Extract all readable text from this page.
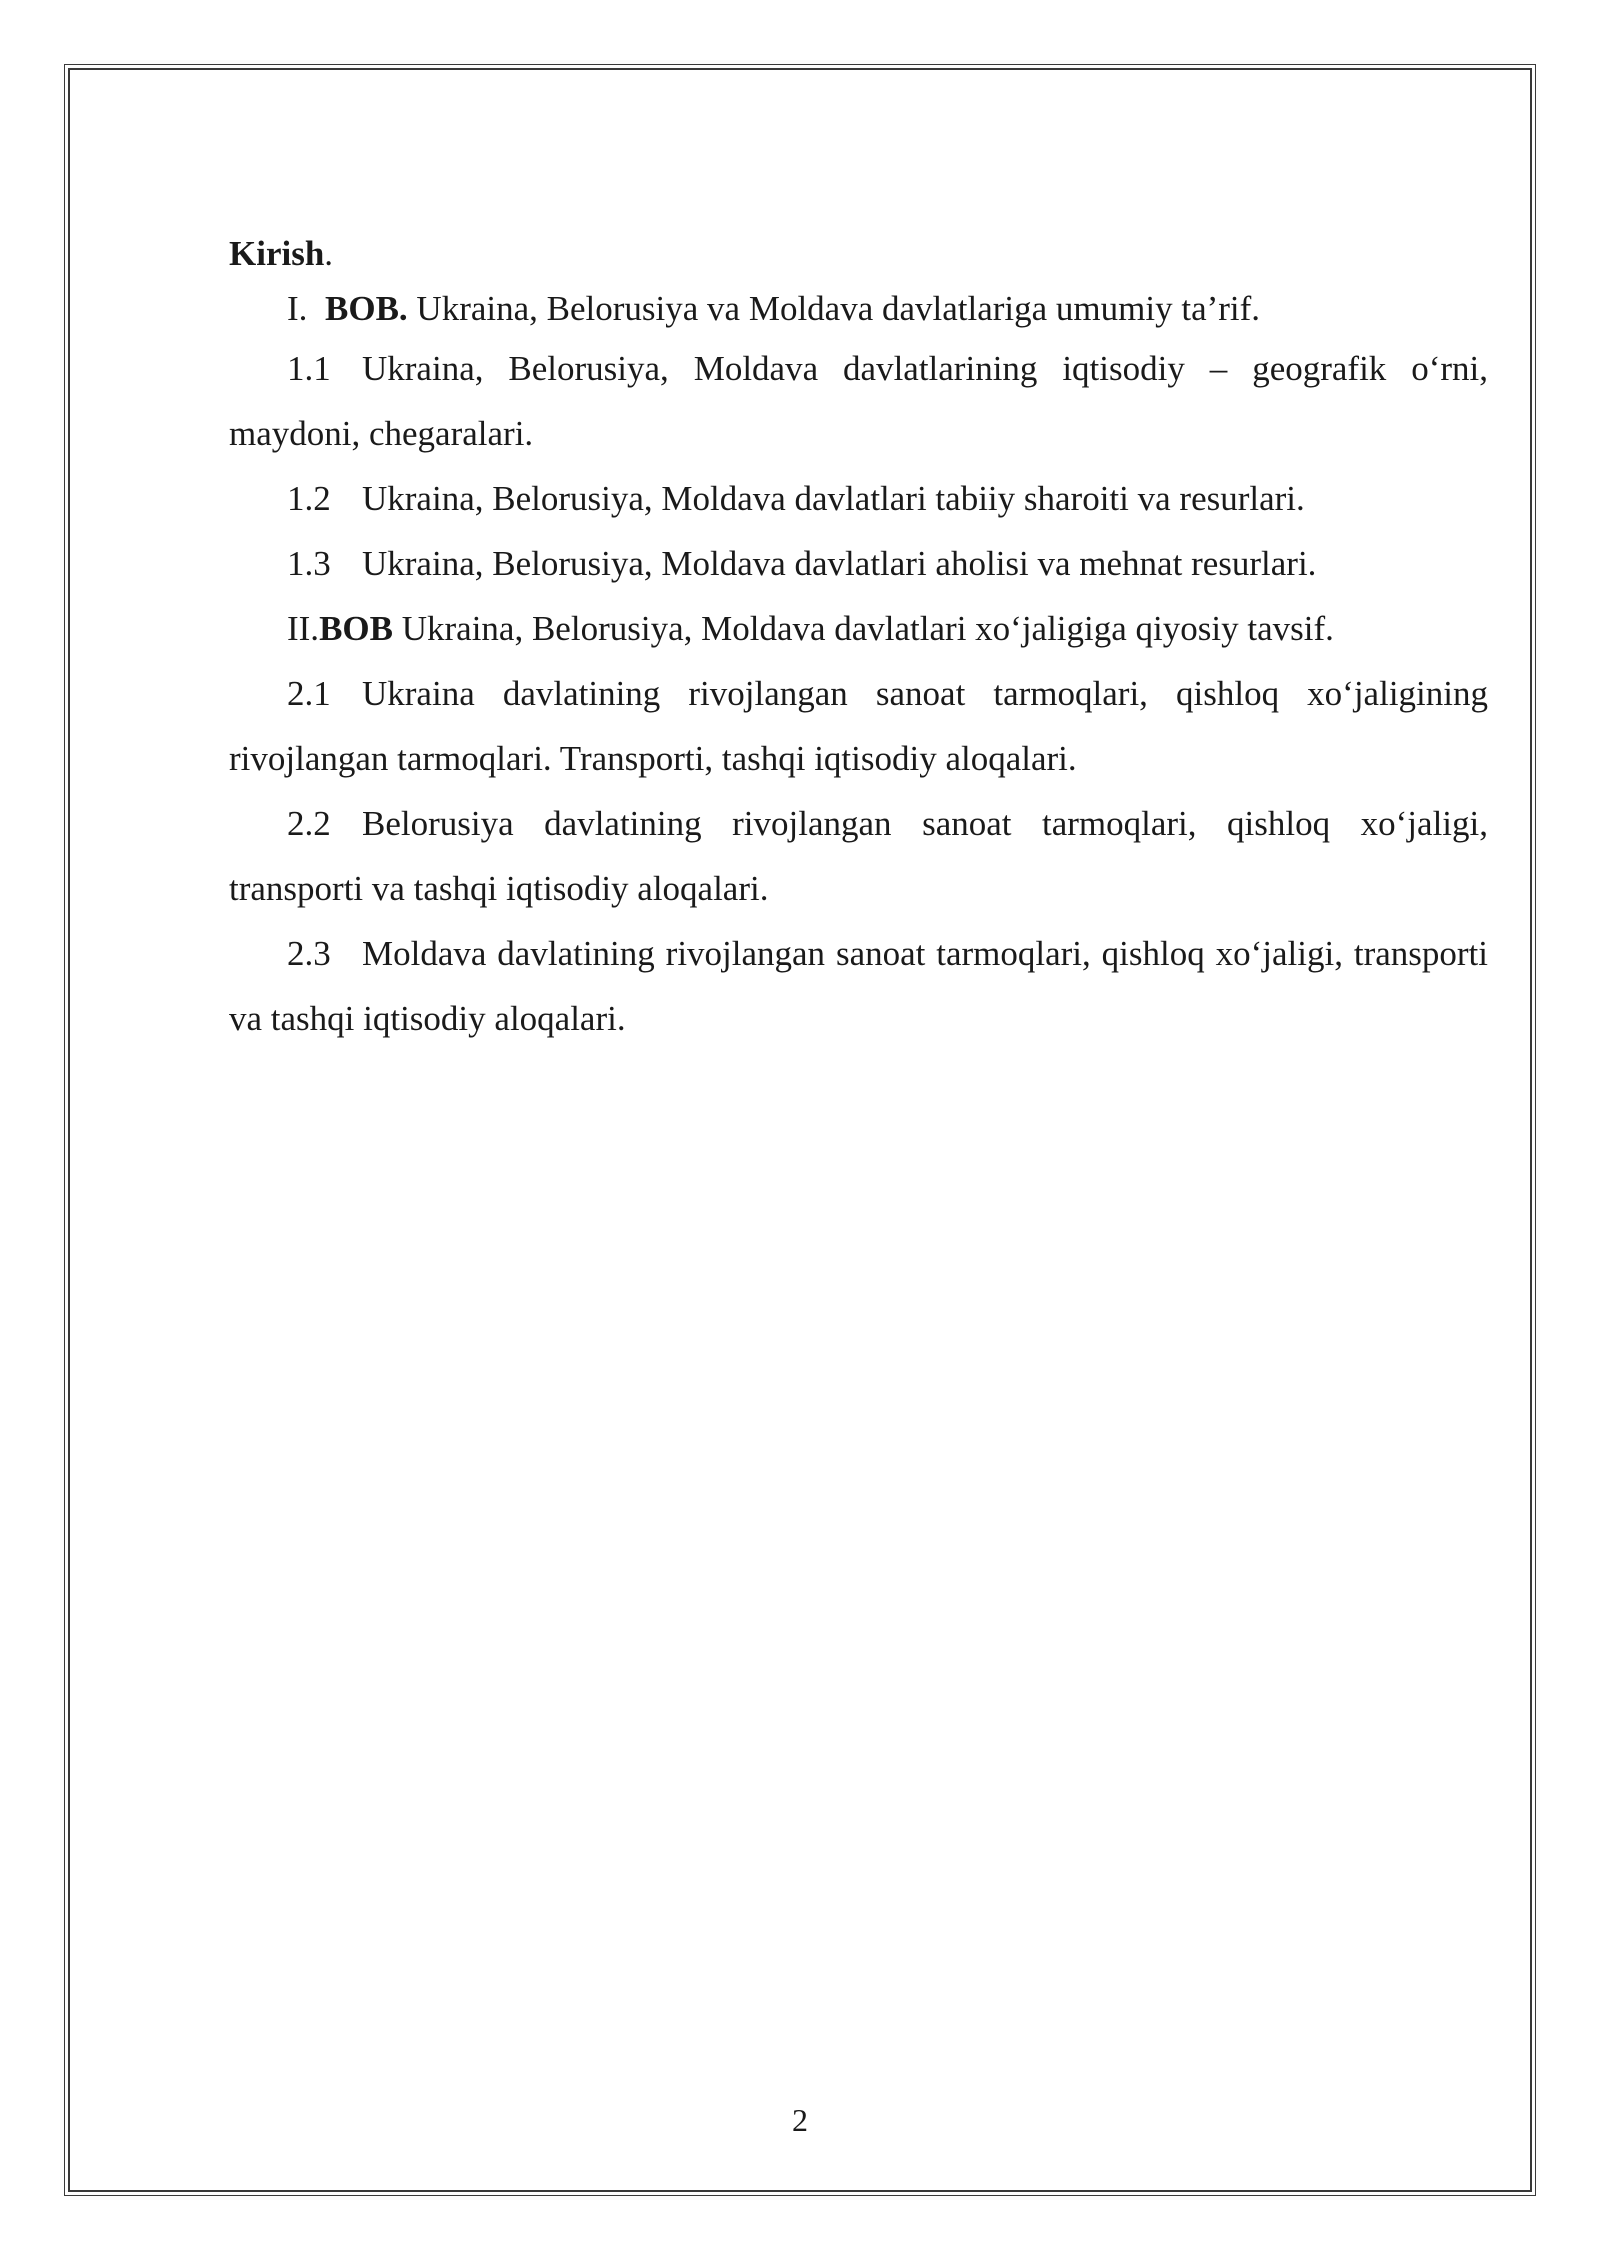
Kirish.
I. BOB. Ukraina, Belorusiya va Moldava davlatlariga umumiy ta’rif.
1.1 Ukraina, Belorusiya, Moldava davlatlarining iqtisodiy – geografik o‘rni, maydoni, chegaralari.
1.2 Ukraina, Belorusiya, Moldava davlatlari tabiiy sharoiti va resurlari.
1.3 Ukraina, Belorusiya, Moldava davlatlari aholisi va mehnat resurlari.
II.BOB Ukraina, Belorusiya, Moldava davlatlari xo‘jaligiga qiyosiy tavsif.
2.1 Ukraina davlatining rivojlangan sanoat tarmoqlari, qishloq xo‘jaligining rivojlangan tarmoqlari. Transporti, tashqi iqtisodiy aloqalari.
2.2 Belorusiya davlatining rivojlangan sanoat tarmoqlari, qishloq xo‘jaligi, transporti va tashqi iqtisodiy aloqalari.
2.3 Moldava davlatining rivojlangan sanoat tarmoqlari, qishloq xo‘jaligi, transporti va tashqi iqtisodiy aloqalari.
2
